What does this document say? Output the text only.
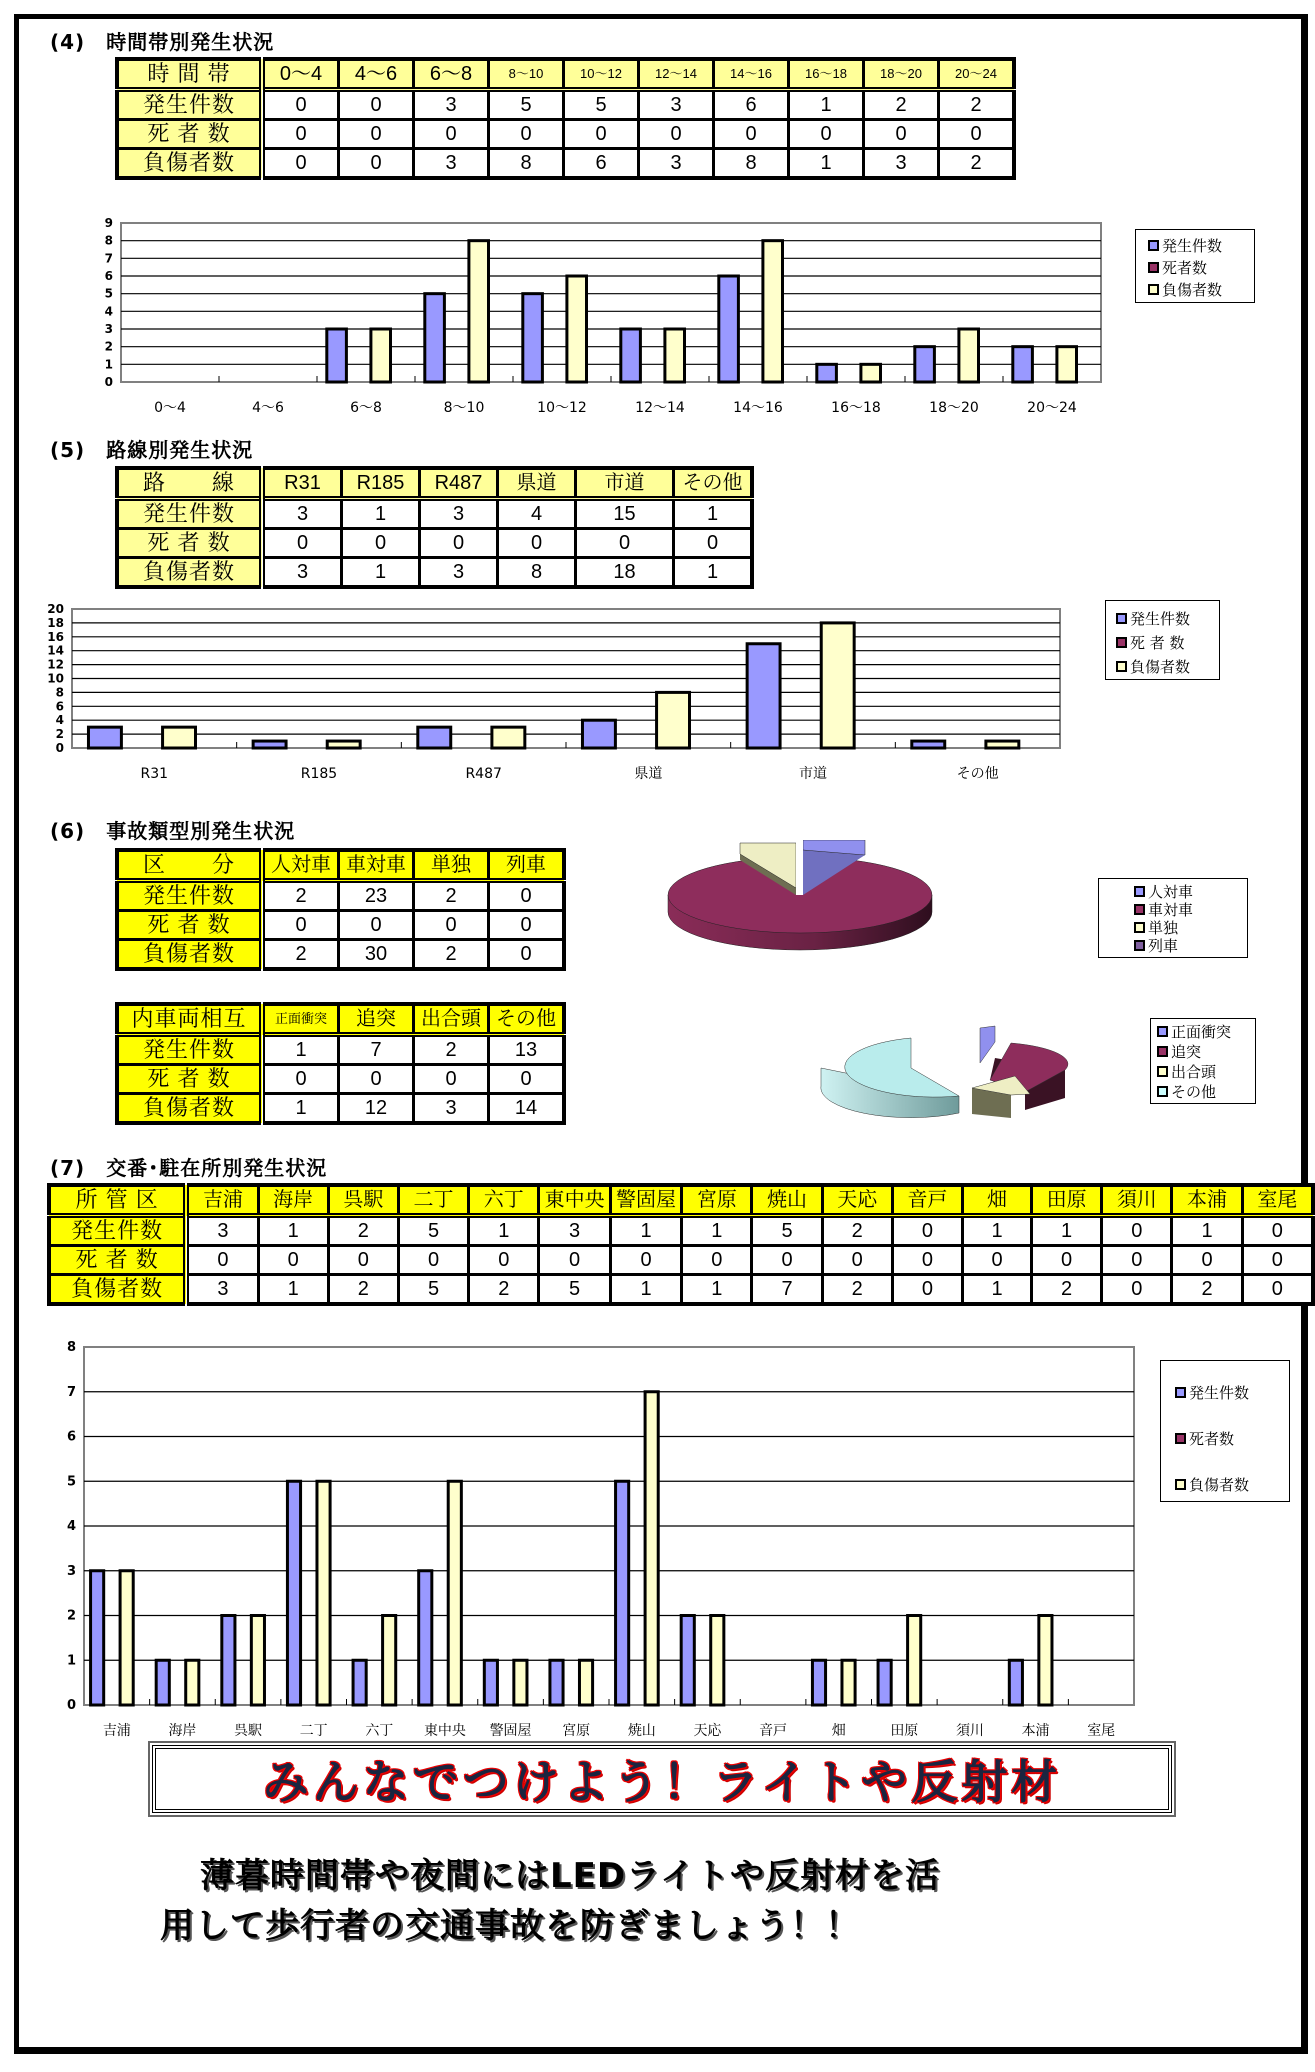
(4)　時間帯別発生状況
時 間 帯	0～4	4～6	6～8	8～10	10～12	12～14	14～16	16～18	18～20	20～24
発生件数	0	0	3	5	5	3	6	1	2	2
死 者 数	0	0	0	0	0	0	0	0	0	0
負傷者数	0	0	3	8	6	3	8	1	3	2
0
1
2
3
4
5
6
7
8
9
0～4	4～6	6～8	8～10	10～12	12～14	14～16	16～18	18～20	20～24
発生件数
死者数
負傷者数
(5)　路線別発生状況
路　　線	R31	R185	R487	県道	市道	その他
発生件数	3	1	3	4	15	1
死 者 数	0	0	0	0	0	0
負傷者数	3	1	3	8	18	1
0
2
4
6
8
10
12
14
16
18
20
R31	R185	R487	県道	市道	その他
発生件数
死 者 数
負傷者数
(6)　事故類型別発生状況
区　　分	人対車	車対車	単独	列車
発生件数	2	23	2	0
死 者 数	0	0	0	0
負傷者数	2	30	2	0
内車両相互	正面衝突	追突	出合頭	その他
発生件数	1	7	2	13
死 者 数	0	0	0	0
負傷者数	1	12	3	14
人対車
車対車
単独
列車
正面衝突
追突
出合頭
その他
(7)　交番･駐在所別発生状況
所 管 区	吉浦	海岸	呉駅	二丁	六丁	東中央	警固屋	宮原	焼山	天応	音戸	畑	田原	須川	本浦	室尾
発生件数	3	1	2	5	1	3	1	1	5	2	0	1	1	0	1	0
死 者 数	0	0	0	0	0	0	0	0	0	0	0	0	0	0	0	0
負傷者数	3	1	2	5	2	5	1	1	7	2	0	1	2	0	2	0
0
1
2
3
4
5
6
7
8
吉浦	海岸	呉駅	二丁	六丁 東中央 警固屋 宮原	焼山	天応	音戸	畑	田原	須川	本浦	室尾
発生件数
死者数
負傷者数
みんなでつけよう！ライトや反射材
薄暮時間帯や夜間にはLEDライトや反射材を活
用して歩行者の交通事故を防ぎましょう！！
